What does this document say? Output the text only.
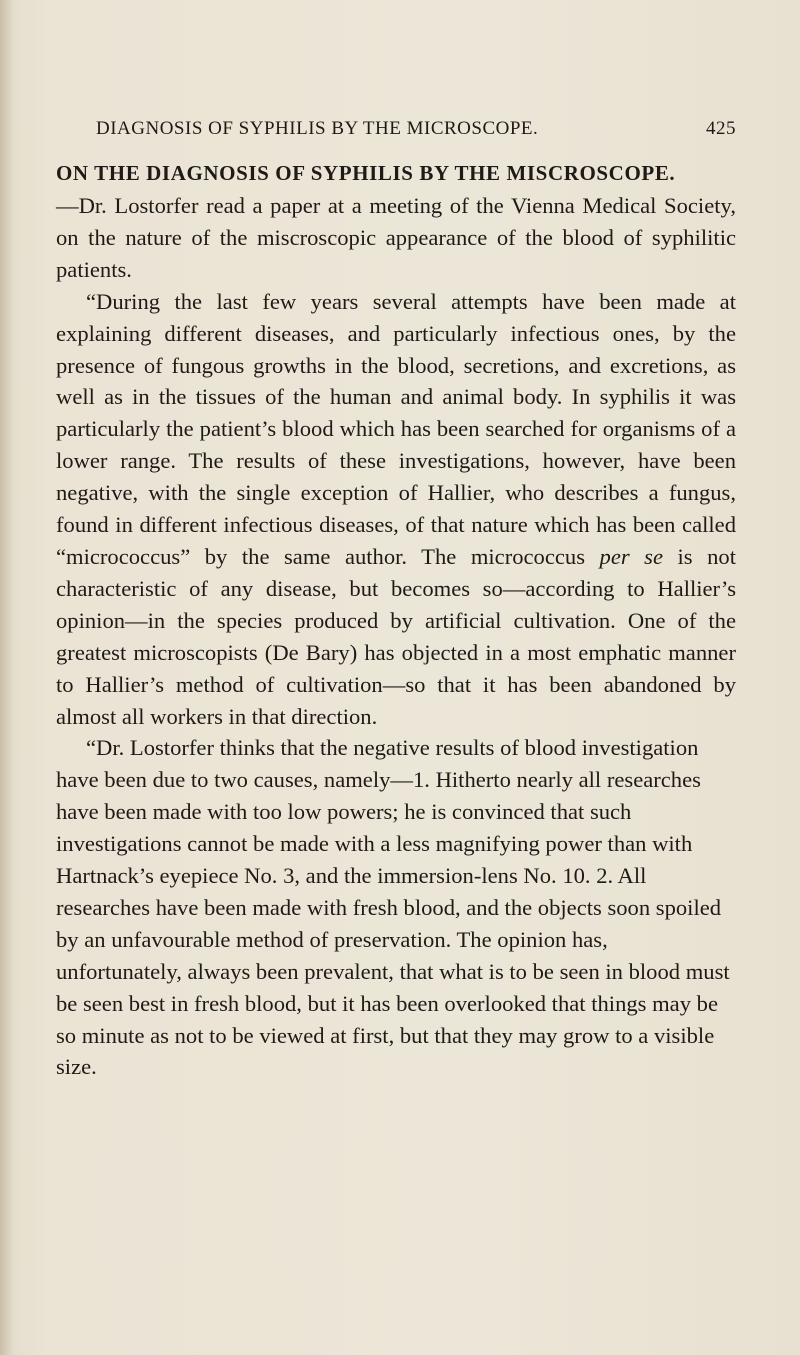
DIAGNOSIS OF SYPHILIS BY THE MICROSCOPE.	425
ON THE DIAGNOSIS OF SYPHILIS BY THE MISCROSCOPE.

—Dr. Lostorfer read a paper at a meeting of the Vienna Medical Society, on the nature of the miscroscopic appearance of the blood of syphilitic patients.

“During the last few years several attempts have been made at explaining different diseases, and particularly infectious ones, by the presence of fungous growths in the blood, secretions, and excretions, as well as in the tissues of the human and animal body. In syphilis it was particularly the patient’s blood which has been searched for organisms of a lower range. The results of these investigations, however, have been negative, with the single exception of Hallier, who describes a fungus, found in different infectious diseases, of that nature which has been called “micrococcus” by the same author. The micrococcus per se is not characteristic of any disease, but becomes so—according to Hallier’s opinion—in the species produced by artificial cultivation. One of the greatest microscopists (De Bary) has objected in a most emphatic manner to Hallier’s method of cultivation—so that it has been abandoned by almost all workers in that direction.

“Dr. Lostorfer thinks that the negative results of blood investigation have been due to two causes, namely—1. Hitherto nearly all researches have been made with too low powers; he is convinced that such investigations cannot be made with a less magnifying power than with Hartnack’s eyepiece No. 3, and the immersion-lens No. 10. 2. All researches have been made with fresh blood, and the objects soon spoiled by an unfavourable method of preservation. The opinion has, unfortunately, always been prevalent, that what is to be seen in blood must be seen best in fresh blood, but it has been overlooked that things may be so minute as not to be viewed at first, but that they may grow to a visible size.
